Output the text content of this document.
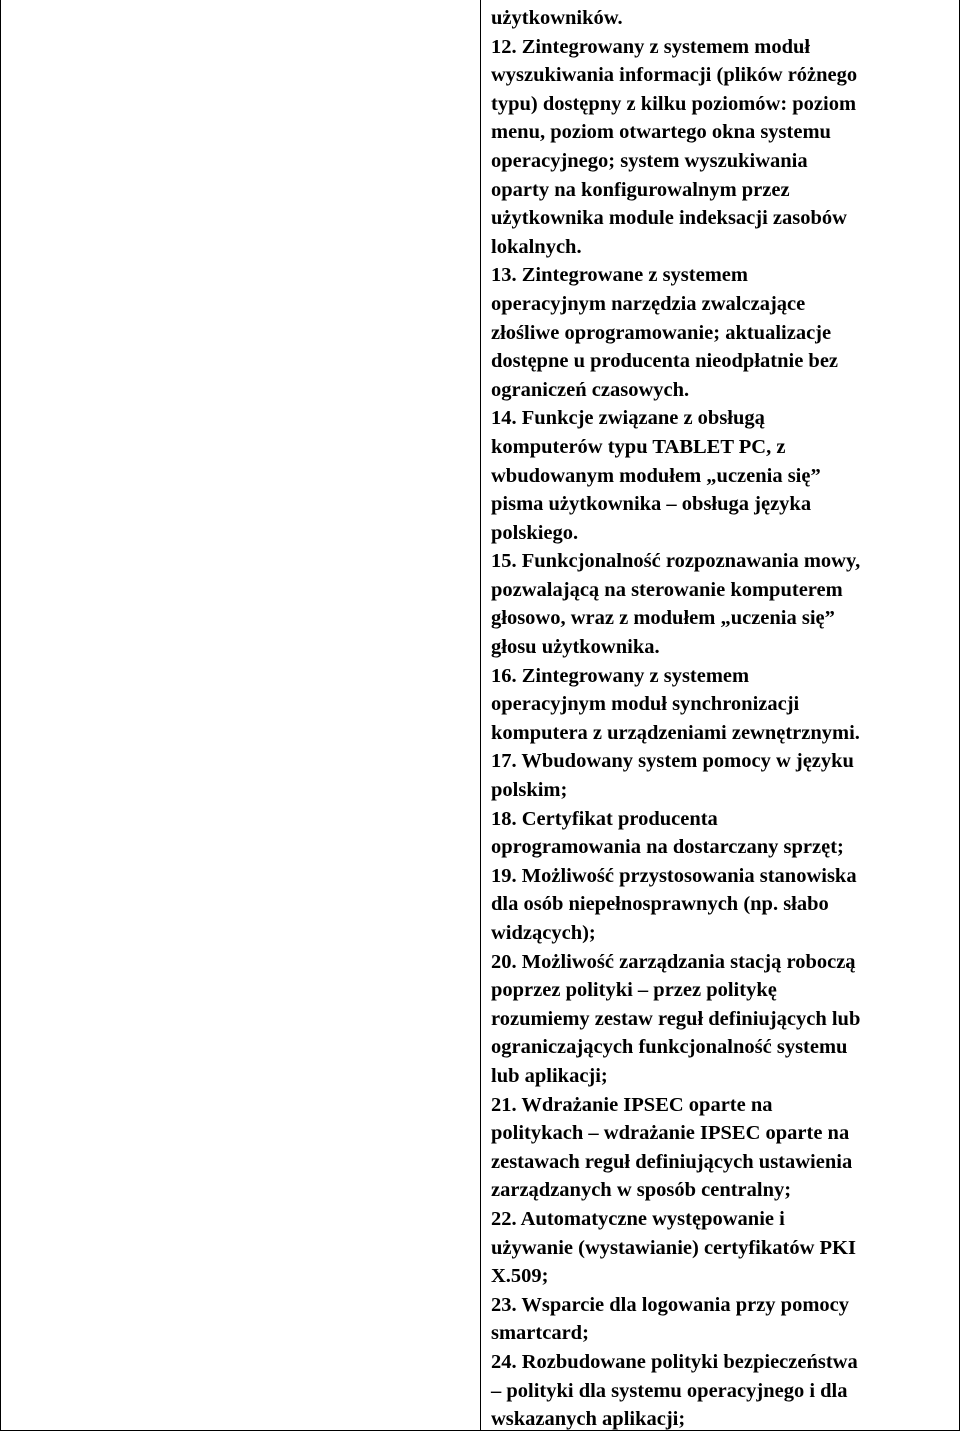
użytkowników.

12. Zintegrowany z systemem moduł

wyszukiwania informacji (plików różnego

typu) dostępny z kilku poziomów: poziom

menu, poziom otwartego okna systemu

operacyjnego; system wyszukiwania

oparty na konfigurowalnym przez

użytkownika module indeksacji zasobów

lokalnych.

13. Zintegrowane z systemem

operacyjnym narzędzia zwalczające

złośliwe oprogramowanie; aktualizacje

dostępne u producenta nieodpłatnie bez

ograniczeń czasowych.

14. Funkcje związane z obsługą

komputerów typu TABLET PC, z

wbudowanym modułem „uczenia się”

pisma użytkownika – obsługa języka

polskiego.

15. Funkcjonalność rozpoznawania mowy,

pozwalającą na sterowanie komputerem

głosowo, wraz z modułem „uczenia się”

głosu użytkownika.

16. Zintegrowany z systemem

operacyjnym moduł synchronizacji

komputera z urządzeniami zewnętrznymi.

17. Wbudowany system pomocy w języku

polskim;

18. Certyfikat producenta

oprogramowania na dostarczany sprzęt;

19. Możliwość przystosowania stanowiska

dla osób niepełnosprawnych (np. słabo

widzących);

20. Możliwość zarządzania stacją roboczą

poprzez polityki – przez politykę

rozumiemy zestaw reguł definiujących lub

ograniczających funkcjonalność systemu

lub aplikacji;

21. Wdrażanie IPSEC oparte na

politykach – wdrażanie IPSEC oparte na

zestawach reguł definiujących ustawienia

zarządzanych w sposób centralny;

22. Automatyczne występowanie i

używanie (wystawianie) certyfikatów PKI

X.509;

23. Wsparcie dla logowania przy pomocy

smartcard;

24. Rozbudowane polityki bezpieczeństwa

– polityki dla systemu operacyjnego i dla

wskazanych aplikacji;
